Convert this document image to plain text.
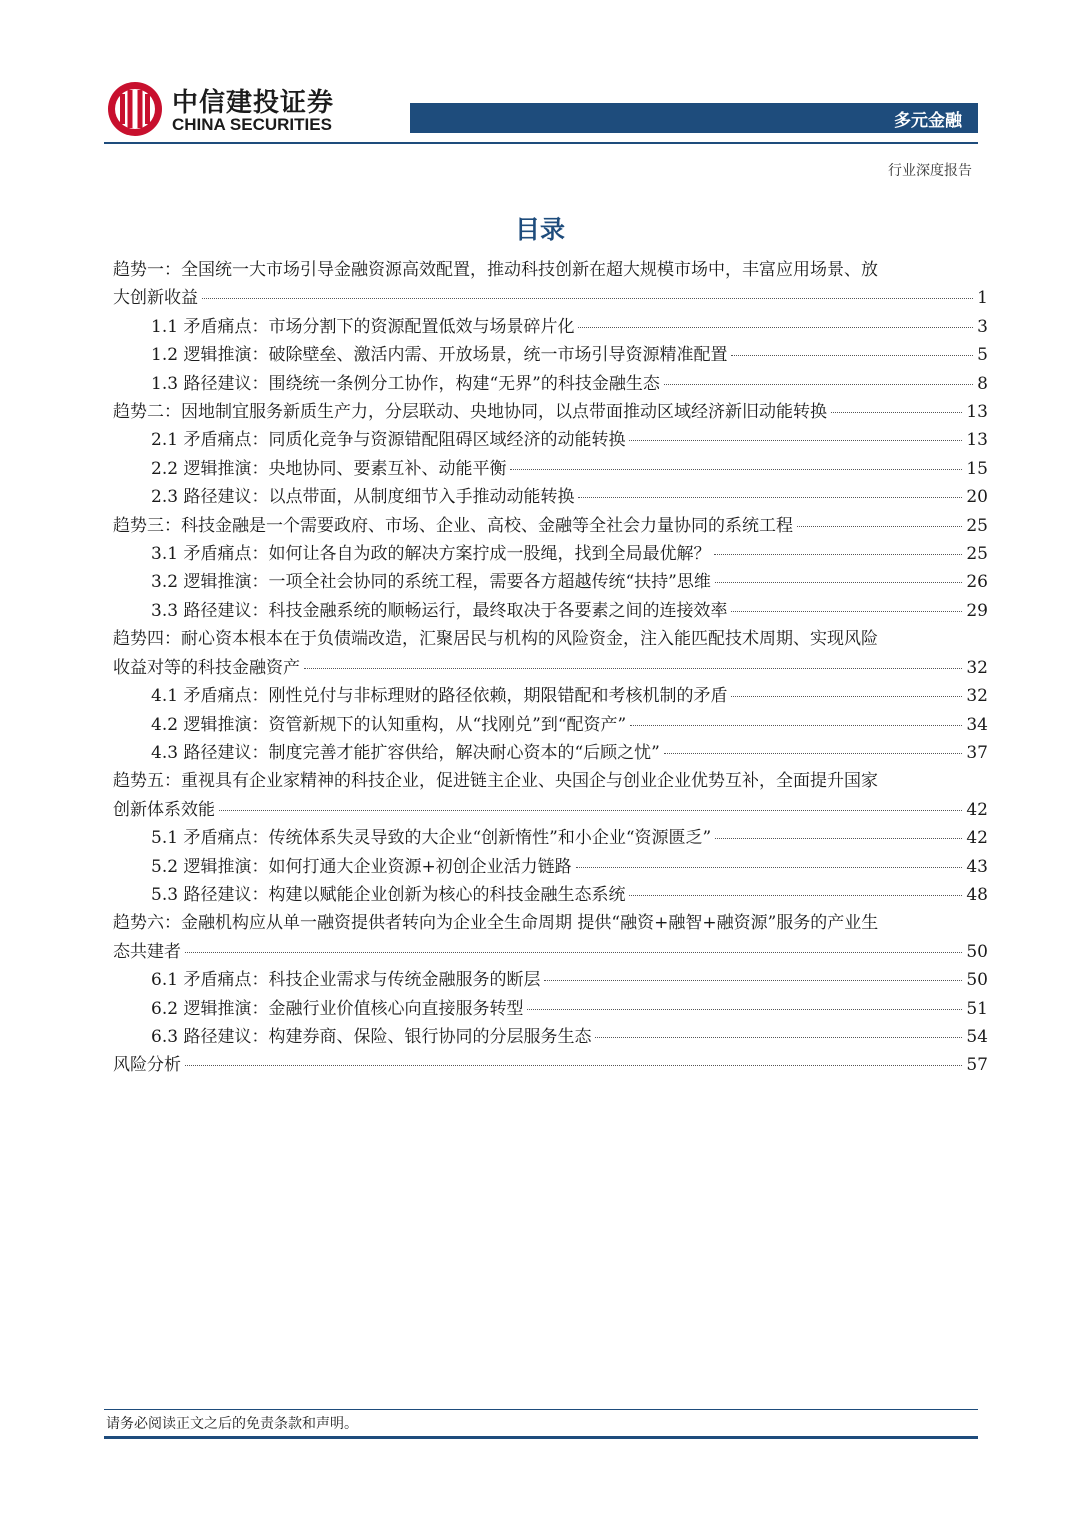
中信建投证券
CHINA SECURITIES	多元金融
行业深度报告
目录
趋势一：全国统一大市场引导金融资源高效配置，推动科技创新在超大规模市场中，丰富应用场景、放
大创新收益	1
1.1 矛盾痛点：市场分割下的资源配置低效与场景碎片化	3
1.2 逻辑推演：破除壁垒、激活内需、开放场景，统一市场引导资源精准配置	5
1.3 路径建议：围绕统一条例分工协作，构建“无界”的科技金融生态	8
趋势二：因地制宜服务新质生产力，分层联动、央地协同，以点带面推动区域经济新旧动能转换	13
2.1 矛盾痛点：同质化竞争与资源错配阻碍区域经济的动能转换	13
2.2 逻辑推演：央地协同、要素互补、动能平衡	15
2.3 路径建议：以点带面，从制度细节入手推动动能转换	20
趋势三：科技金融是一个需要政府、市场、企业、高校、金融等全社会力量协同的系统工程	25
3.1 矛盾痛点：如何让各自为政的解决方案拧成一股绳，找到全局最优解？	25
3.2 逻辑推演：一项全社会协同的系统工程，需要各方超越传统“扶持”思维	26
3.3 路径建议：科技金融系统的顺畅运行，最终取决于各要素之间的连接效率	29
趋势四：耐心资本根本在于负债端改造，汇聚居民与机构的风险资金，注入能匹配技术周期、实现风险
收益对等的科技金融资产	32
4.1 矛盾痛点：刚性兑付与非标理财的路径依赖，期限错配和考核机制的矛盾	32
4.2 逻辑推演：资管新规下的认知重构，从“找刚兑”到“配资产”	34
4.3 路径建议：制度完善才能扩容供给，解决耐心资本的“后顾之忧”	37
趋势五：重视具有企业家精神的科技企业，促进链主企业、央国企与创业企业优势互补，全面提升国家
创新体系效能	42
5.1 矛盾痛点：传统体系失灵导致的大企业“创新惰性”和小企业“资源匮乏”	42
5.2 逻辑推演：如何打通大企业资源+初创企业活力链路	43
5.3 路径建议：构建以赋能企业创新为核心的科技金融生态系统	48
趋势六：金融机构应从单一融资提供者转向为企业全生命周期 提供“融资+融智+融资源”服务的产业生
态共建者	50
6.1 矛盾痛点：科技企业需求与传统金融服务的断层	50
6.2 逻辑推演：金融行业价值核心向直接服务转型	51
6.3 路径建议：构建券商、保险、银行协同的分层服务生态	54
风险分析	57
请务必阅读正文之后的免责条款和声明。
